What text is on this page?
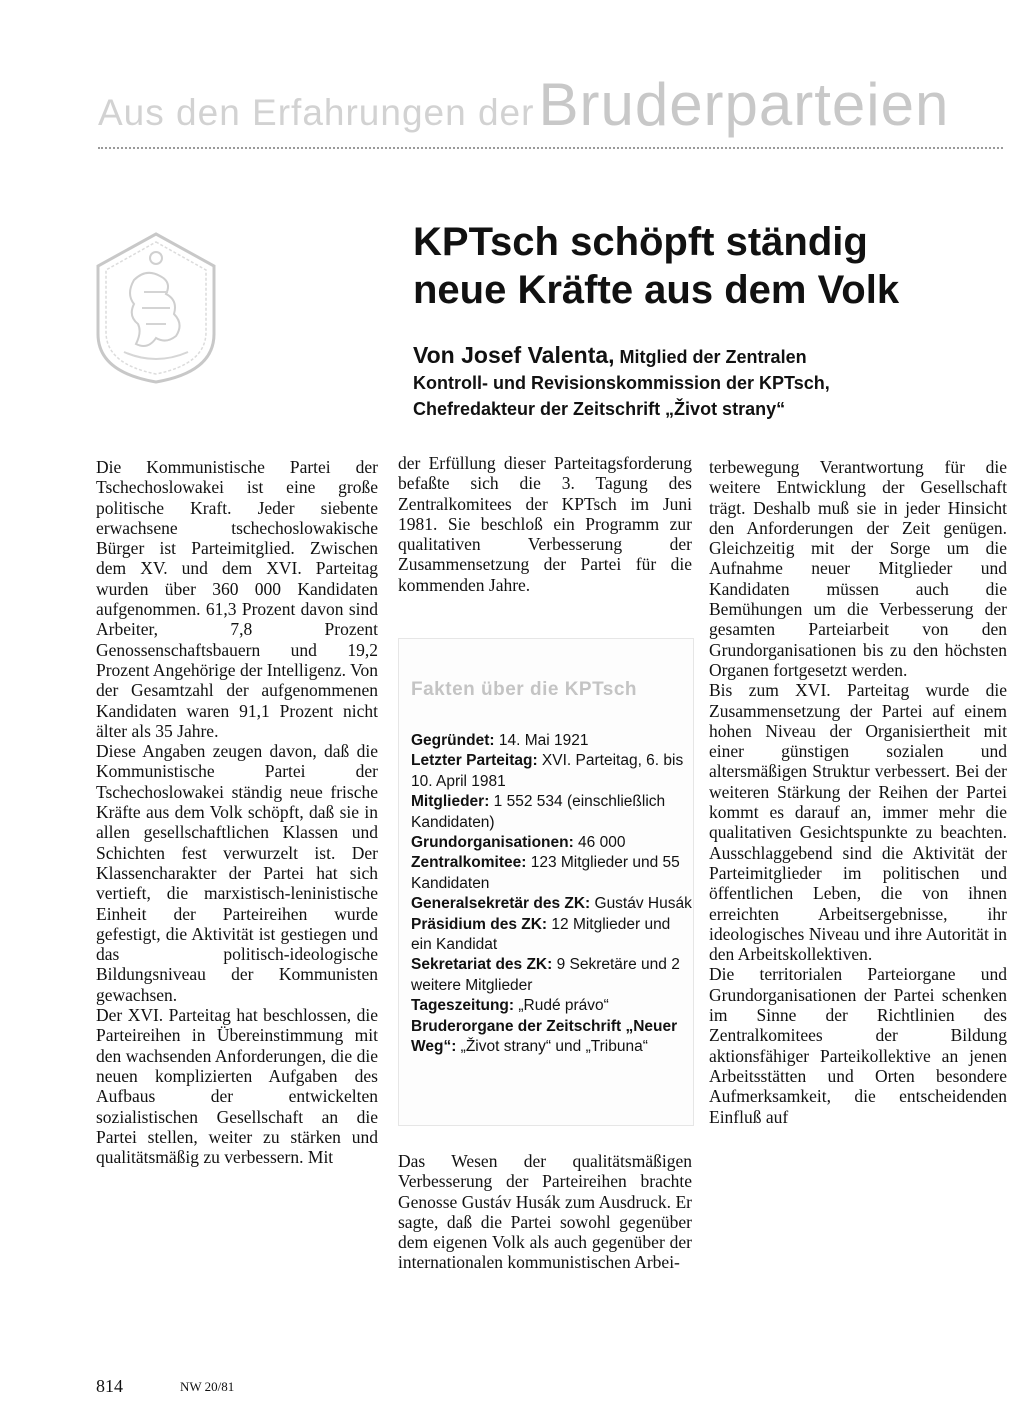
Aus den Erfahrungen der Bruderparteien
KPTsch schöpft ständig
neue Kräfte aus dem Volk
Von Josef Valenta, Mitglied der Zentralen
Kontroll- und Revisionskommission der KPTsch,
Chefredakteur der Zeitschrift „Život strany“

Die Kommunistische Partei der Tschechoslowakei ist eine große politische Kraft. Jeder siebente erwachsene tschechoslowakische Bürger ist Parteimitglied. Zwischen dem XV. und dem XVI. Parteitag wurden über 360 000 Kandidaten aufgenommen. 61,3 Prozent davon sind Arbeiter, 7,8 Prozent Genossenschaftsbauern und 19,2 Prozent Angehörige der Intelligenz. Von der Gesamtzahl der aufgenommenen Kandidaten waren 91,1 Prozent nicht älter als 35 Jahre.

Diese Angaben zeugen davon, daß die Kommunistische Partei der Tschechoslowakei ständig neue frische Kräfte aus dem Volk schöpft, daß sie in allen gesellschaftlichen Klassen und Schichten fest verwurzelt ist. Der Klassencharakter der Partei hat sich vertieft, die marxistisch-leninistische Einheit der Parteireihen wurde gefestigt, die Aktivität ist gestiegen und das politisch-ideologische Bildungsniveau der Kommunisten gewachsen.

Der XVI. Parteitag hat beschlossen, die Parteireihen in Übereinstimmung mit den wachsenden Anforderungen, die die neuen komplizierten Aufgaben des Aufbaus der entwickelten sozialistischen Gesellschaft an die Partei stellen, weiter zu stärken und qualitätsmäßig zu verbessern. Mit

der Erfüllung dieser Parteitagsforderung befaßte sich die 3. Tagung des Zentralkomitees der KPTsch im Juni 1981. Sie beschloß ein Programm zur qualitativen Verbesserung der Zusammensetzung der Partei für die kommenden Jahre.

Fakten über die KPTsch

Gegründet: 14. Mai 1921

Letzter Parteitag: XVI. Parteitag, 6. bis 10. April 1981

Mitglieder: 1 552 534 (einschließlich Kandidaten)

Grundorganisationen: 46 000

Zentralkomitee: 123 Mitglieder und 55 Kandidaten

Generalsekretär des ZK: Gustáv Husák

Präsidium des ZK: 12 Mitglieder und ein Kandidat

Sekretariat des ZK: 9 Sekretäre und 2 weitere Mitglieder

Tageszeitung: „Rudé právo“

Bruderorgane der Zeitschrift „Neuer Weg“: „Život strany“ und „Tribuna“

Das Wesen der qualitätsmäßigen Verbesserung der Parteireihen brachte Genosse Gustáv Husák zum Ausdruck. Er sagte, daß die Partei sowohl gegenüber dem eigenen Volk als auch gegenüber der internationalen kommunistischen Arbei-

terbewegung Verantwortung für die weitere Entwicklung der Gesellschaft trägt. Deshalb muß sie in jeder Hinsicht den Anforderungen der Zeit genügen. Gleichzeitig mit der Sorge um die Aufnahme neuer Mitglieder und Kandidaten müssen auch die Bemühungen um die Verbesserung der gesamten Parteiarbeit von den Grundorganisationen bis zu den höchsten Organen fortgesetzt werden.

Bis zum XVI. Parteitag wurde die Zusammensetzung der Partei auf einem hohen Niveau der Organisiertheit mit einer günstigen sozialen und altersmäßigen Struktur verbessert. Bei der weiteren Stärkung der Reihen der Partei kommt es darauf an, immer mehr die qualitativen Gesichtspunkte zu beachten. Ausschlaggebend sind die Aktivität der Parteimitglieder im politischen und öffentlichen Leben, die von ihnen erreichten Arbeitsergebnisse, ihr ideologisches Niveau und ihre Autorität in den Arbeitskollektiven.

Die territorialen Parteiorgane und Grundorganisationen der Partei schenken im Sinne der Richtlinien des Zentralkomitees der Bildung aktionsfähiger Parteikollektive an jenen Arbeitsstätten und Orten besondere Aufmerksamkeit, die entscheidenden Einfluß auf

814	NW 20/81
